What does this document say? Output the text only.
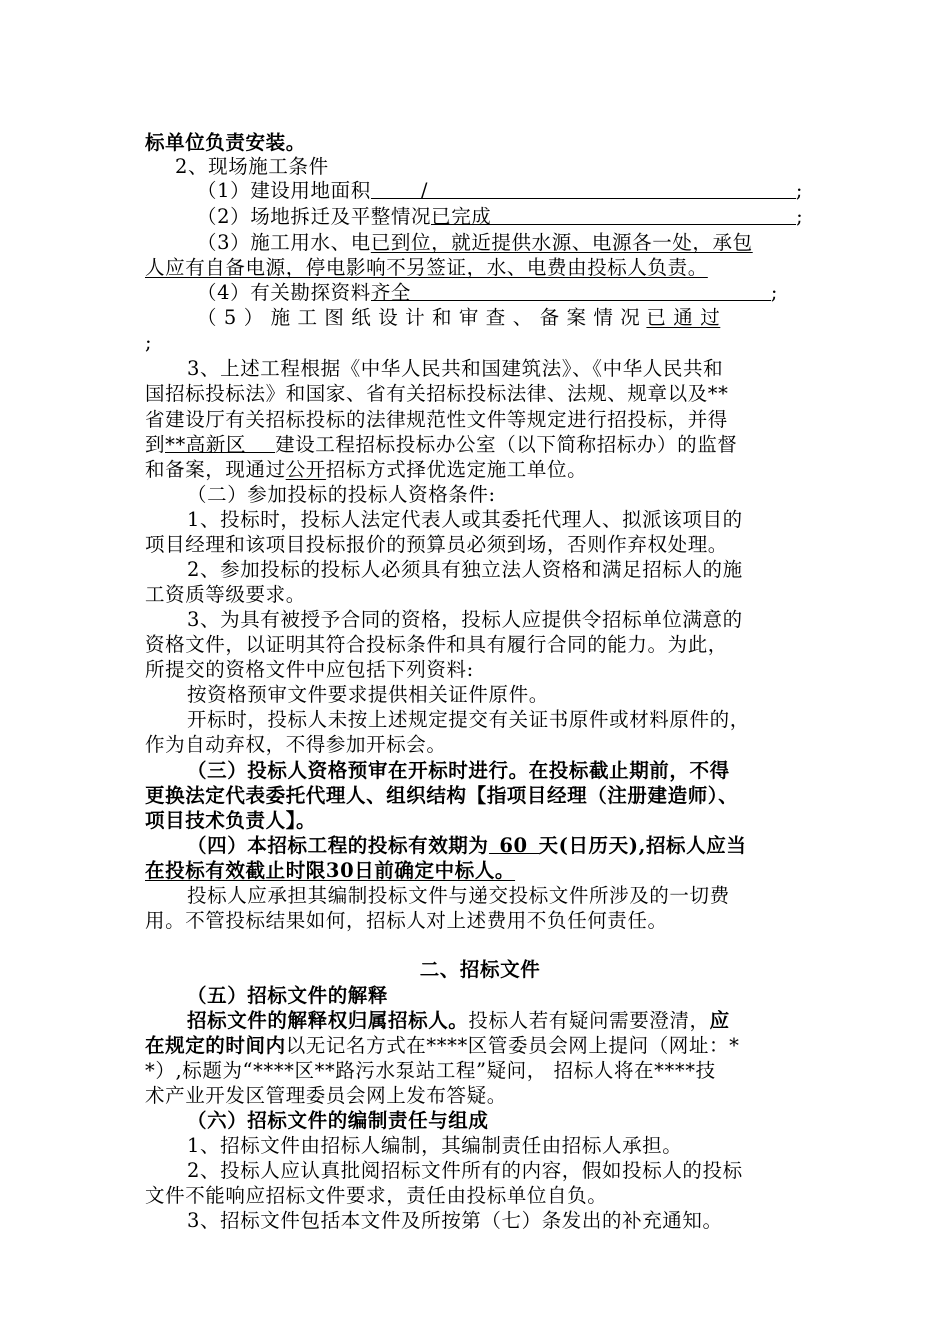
标单位负责安装。
2、现场施工条件
（1）建设用地面积	/	;
（2）场地拆迁及平整情况已完成	;
（3）施工用水、电已到位，就近提供水源、电源各一处，承包
人应有自备电源，停电影响不另签证，水、电费由投标人负责。
（4）有关勘探资料齐全	;
（ 5 ） 施 工 图 纸 设 计 和 审 查 、 备 案 情 况 已 通 过
;
3、上述工程根据《中华人民共和国建筑法》、《中华人民共和
国招标投标法》和国家、省有关招标投标法律、法规、规章以及**
省建设厅有关招标投标的法律规范性文件等规定进行招投标，并得
到**高新区 建设工程招标投标办公室（以下简称招标办）的监督
和备案，现通过公开招标方式择优选定施工单位。
（二）参加投标的投标人资格条件:
1、投标时，投标人法定代表人或其委托代理人、拟派该项目的
项目经理和该项目投标报价的预算员必须到场，否则作弃权处理。
2、参加投标的投标人必须具有独立法人资格和满足招标人的施
工资质等级要求。
3、为具有被授予合同的资格，投标人应提供令招标单位满意的
资格文件，以证明其符合投标条件和具有履行合同的能力。为此，
所提交的资格文件中应包括下列资料:
按资格预审文件要求提供相关证件原件。
开标时，投标人未按上述规定提交有关证书原件或材料原件的，
作为自动弃权，不得参加开标会。
（三）投标人资格预审在开标时进行。在投标截止期前，不得
更换法定代表委托代理人、组织结构【指项目经理（注册建造师）、
项目技术负责人】。
（四）本招标工程的投标有效期为 60 天(日历天),招标人应当
在投标有效截止时限30日前确定中标人。
投标人应承担其编制投标文件与递交投标文件所涉及的一切费
用。不管投标结果如何，招标人对上述费用不负任何责任。
二、招标文件
（五）招标文件的解释
招标文件的解释权归属招标人。投标人若有疑问需要澄清，应
在规定的时间内以无记名方式在****区管委员会网上提问（网址：*
*）,标题为“****区**路污水泵站工程”疑问， 招标人将在****技
术产业开发区管理委员会网上发布答疑。
（六）招标文件的编制责任与组成
1、招标文件由招标人编制，其编制责任由招标人承担。
2、投标人应认真批阅招标文件所有的内容，假如投标人的投标
文件不能响应招标文件要求，责任由投标单位自负。
3、招标文件包括本文件及所按第（七）条发出的补充通知。
